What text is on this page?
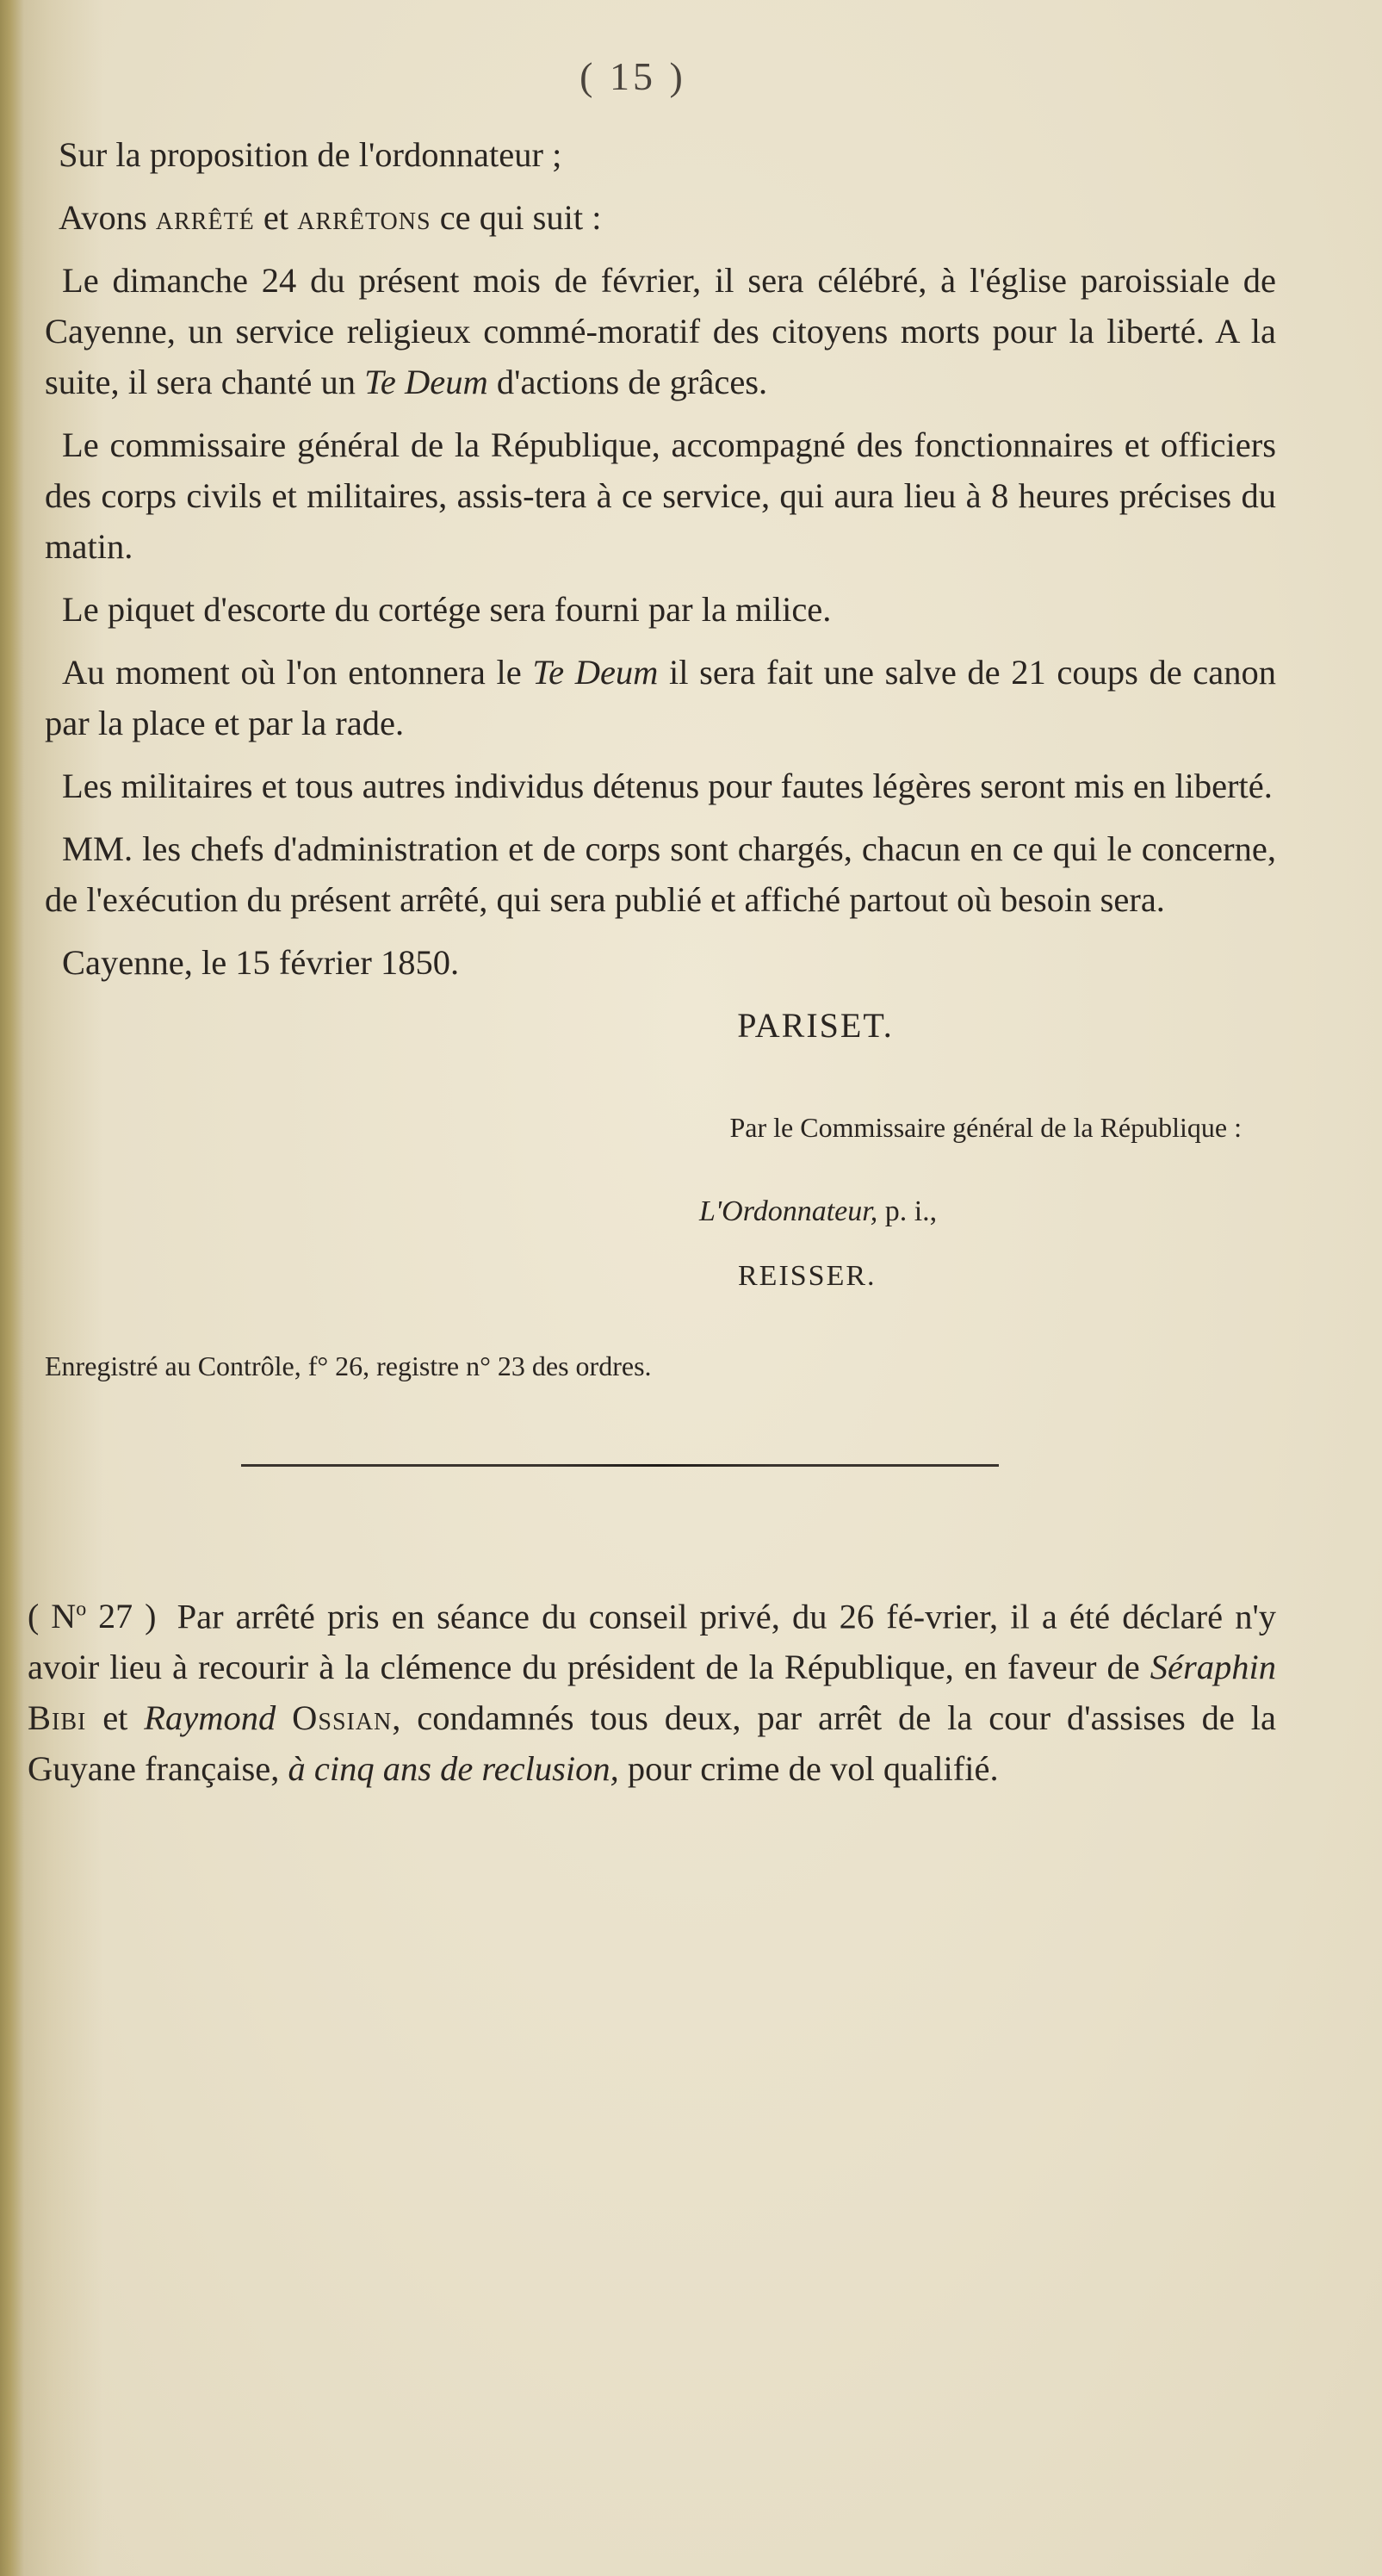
( 15 )

Sur la proposition de l'ordonnateur ;

Avons arrêté et arrêtons ce qui suit :

Le dimanche 24 du présent mois de février, il sera célébré, à l'église paroissiale de Cayenne, un service religieux commé-moratif des citoyens morts pour la liberté. A la suite, il sera chanté un Te Deum d'actions de grâces.

Le commissaire général de la République, accompagné des fonctionnaires et officiers des corps civils et militaires, assis-tera à ce service, qui aura lieu à 8 heures précises du matin.

Le piquet d'escorte du cortége sera fourni par la milice.

Au moment où l'on entonnera le Te Deum il sera fait une salve de 21 coups de canon par la place et par la rade.

Les militaires et tous autres individus détenus pour fautes légères seront mis en liberté.

MM. les chefs d'administration et de corps sont chargés, chacun en ce qui le concerne, de l'exécution du présent arrêté, qui sera publié et affiché partout où besoin sera.

Cayenne, le 15 février 1850.

PARISET.
Par le Commissaire général de la République :
L'Ordonnateur, p. i.,
REISSER.
Enregistré au Contrôle, f° 26, registre n° 23 des ordres.

( $N^o$ 27 ) Par arrêté pris en séance du conseil privé, du 26 fé-vrier, il a été déclaré n'y avoir lieu à recourir à la clémence du président de la République, en faveur de Séraphin Bibi et Raymond Ossian, condamnés tous deux, par arrêt de la cour d'assises de la Guyane française, à cinq ans de reclusion, pour crime de vol qualifié.
